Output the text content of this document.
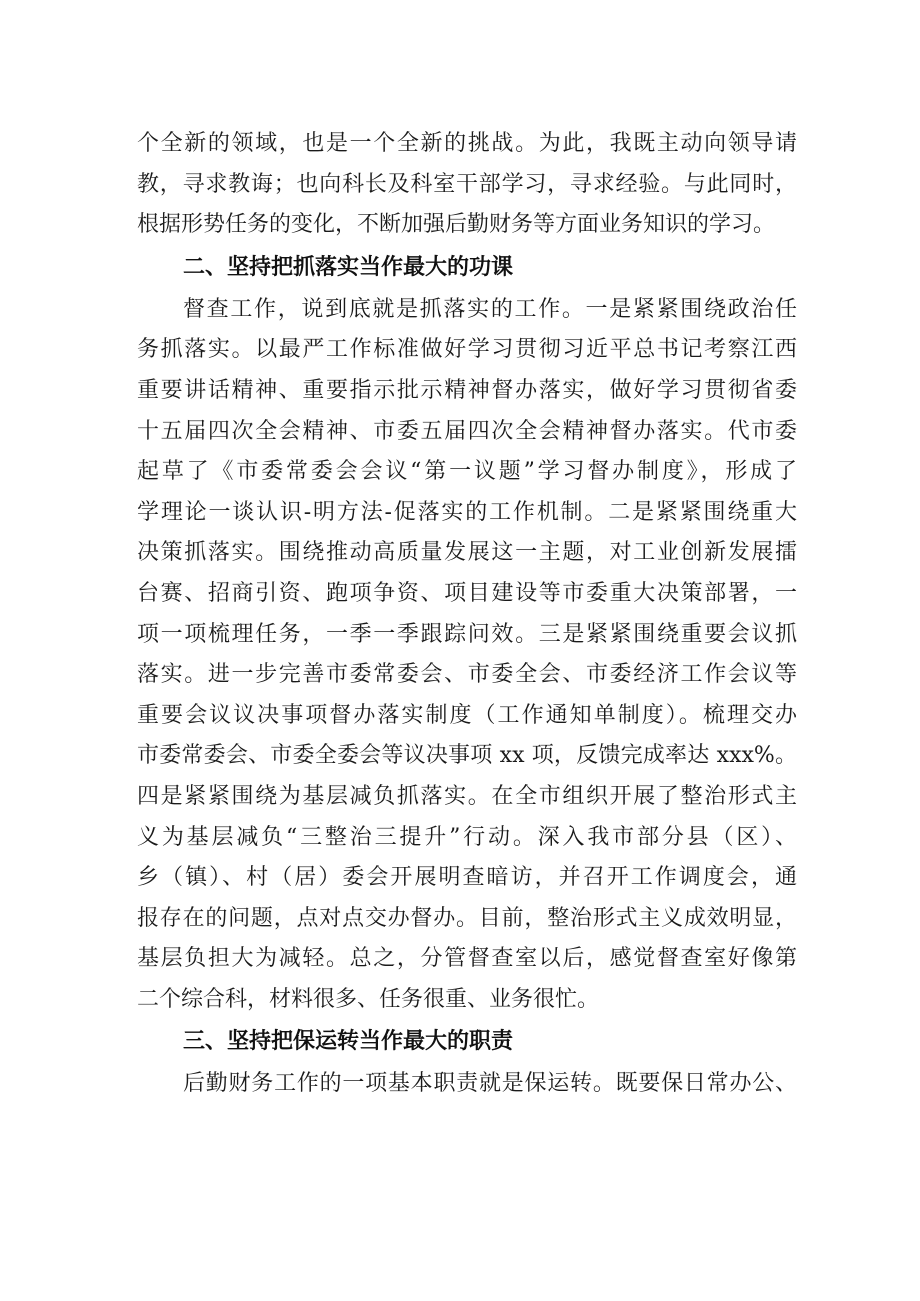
个全新的领域，也是一个全新的挑战。为此，我既主动向领导请
教，寻求教诲；也向科长及科室干部学习，寻求经验。与此同时，
根据形势任务的变化，不断加强后勤财务等方面业务知识的学习。
二、坚持把抓落实当作最大的功课
督查工作，说到底就是抓落实的工作。一是紧紧围绕政治任
务抓落实。以最严工作标准做好学习贯彻习近平总书记考察江西
重要讲话精神、重要指示批示精神督办落实，做好学习贯彻省委
十五届四次全会精神、市委五届四次全会精神督办落实。代市委
起草了《市委常委会会议“第一议题”学习督办制度》，形成了
学理论一谈认识-明方法-促落实的工作机制。二是紧紧围绕重大
决策抓落实。围绕推动高质量发展这一主题，对工业创新发展擂
台赛、招商引资、跑项争资、项目建设等市委重大决策部署，一
项一项梳理任务，一季一季跟踪问效。三是紧紧围绕重要会议抓
落实。进一步完善市委常委会、市委全会、市委经济工作会议等
重要会议议决事项督办落实制度（工作通知单制度）。梳理交办
市委常委会、市委全委会等议决事项 xx 项，反馈完成率达 xxx%。
四是紧紧围绕为基层减负抓落实。在全市组织开展了整治形式主
义为基层减负“三整治三提升”行动。深入我市部分县（区）、
乡（镇）、村（居）委会开展明查暗访，并召开工作调度会，通
报存在的问题，点对点交办督办。目前，整治形式主义成效明显，
基层负担大为减轻。总之，分管督查室以后，感觉督查室好像第
二个综合科，材料很多、任务很重、业务很忙。
三、坚持把保运转当作最大的职责
后勤财务工作的一项基本职责就是保运转。既要保日常办公、
